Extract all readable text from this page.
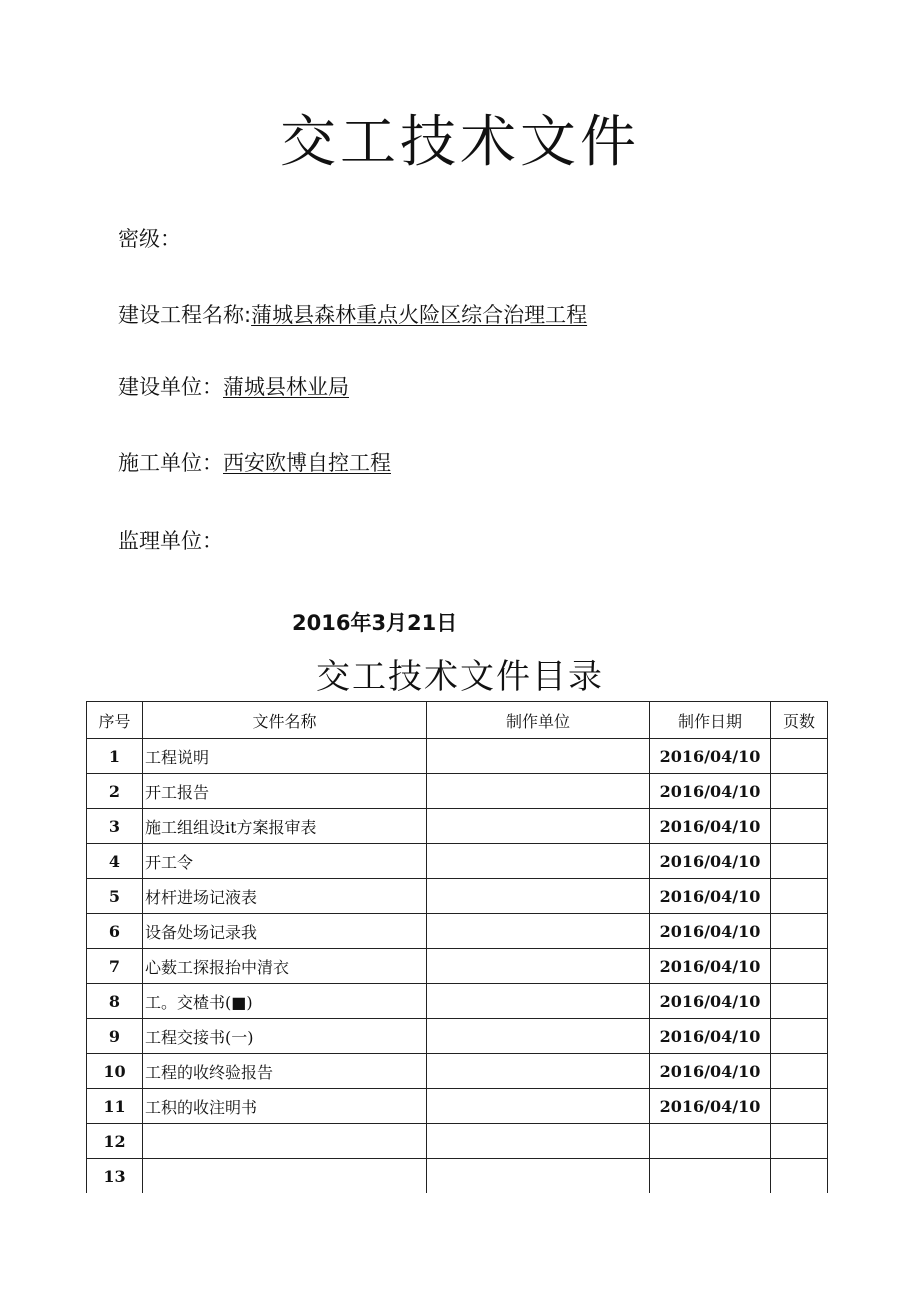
交工技术文件
密级：
建设工程名称:蒲城县森林重点火险区综合治理工程
建设单位：蒲城县林业局
施工单位：西安欧博自控工程
监理单位：
2016年3月21日
交工技术文件目录
序号	文件名称	制作单位	制作日期	页数
1	工程说明		2016/04/10	
2	开工报告		2016/04/10	
3	施工组组设it方案报审表		2016/04/10	
4	开工令		2016/04/10	
5	材杆进场记液表		2016/04/10	
6	设备处场记录我		2016/04/10	
7	心薮工探报抬中清衣		2016/04/10	
8	工。交楂书(■)		2016/04/10	
9	工程交接书(一)		2016/04/10	
10	工程的收终验报告		2016/04/10	
11	工积的收注明书		2016/04/10	
12				
13				
